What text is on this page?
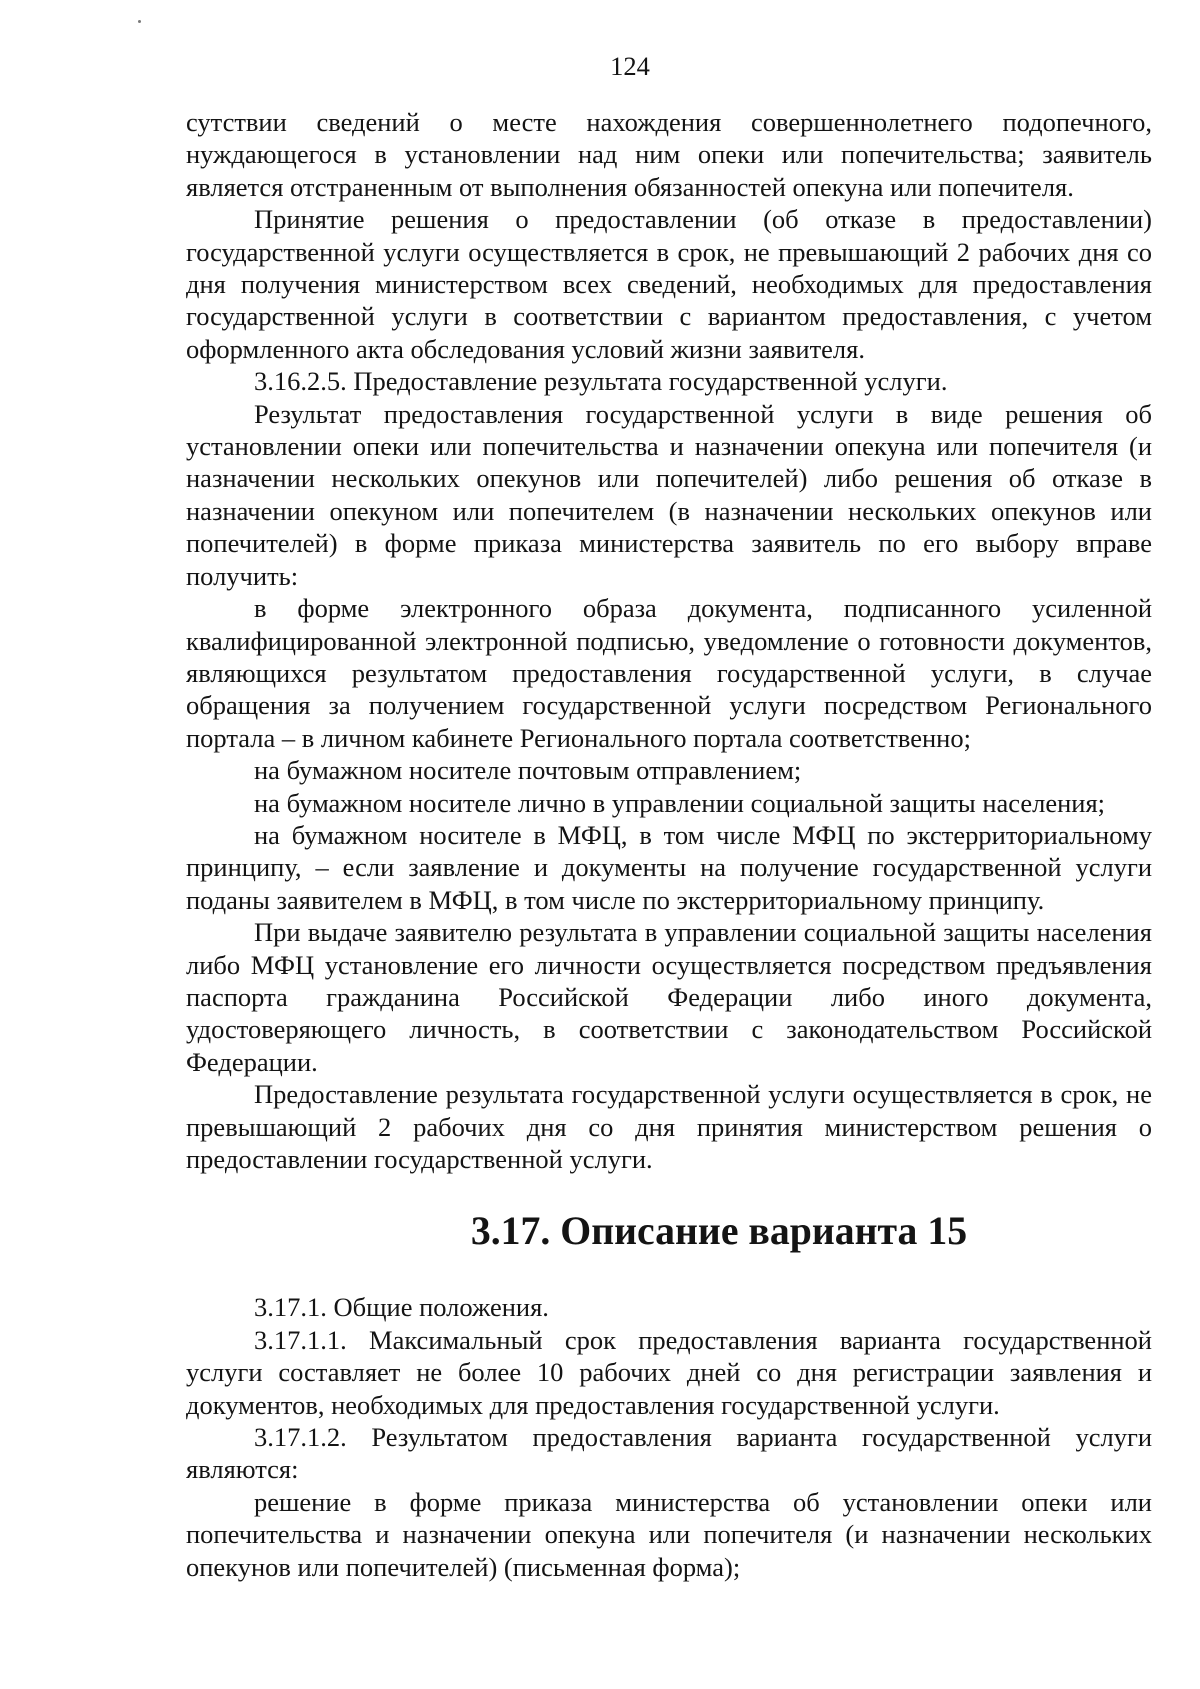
124

сутствии сведений о месте нахождения совершеннолетнего подопечного, нуждающегося в установлении над ним опеки или попечительства; заявитель является отстраненным от выполнения обязанностей опекуна или попечителя.

Принятие решения о предоставлении (об отказе в предоставлении) государственной услуги осуществляется в срок, не превышающий 2 рабочих дня со дня получения министерством всех сведений, необходимых для предоставления государственной услуги в соответствии с вариантом предоставления, с учетом оформленного акта обследования условий жизни заявителя.

3.16.2.5. Предоставление результата государственной услуги.

Результат предоставления государственной услуги в виде решения об установлении опеки или попечительства и назначении опекуна или попечителя (и назначении нескольких опекунов или попечителей) либо решения об отказе в назначении опекуном или попечителем (в назначении нескольких опекунов или попечителей) в форме приказа министерства заявитель по его выбору вправе получить:

в форме электронного образа документа, подписанного усиленной квалифицированной электронной подписью, уведомление о готовности документов, являющихся результатом предоставления государственной услуги, в случае обращения за получением государственной услуги посредством Регионального портала – в личном кабинете Регионального портала соответственно;

на бумажном носителе почтовым отправлением;

на бумажном носителе лично в управлении социальной защиты населения;

на бумажном носителе в МФЦ, в том числе МФЦ по экстерриториальному принципу, – если заявление и документы на получение государственной услуги поданы заявителем в МФЦ, в том числе по экстерриториальному принципу.

При выдаче заявителю результата в управлении социальной защиты населения либо МФЦ установление его личности осуществляется посредством предъявления паспорта гражданина Российской Федерации либо иного документа, удостоверяющего личность, в соответствии с законодательством Российской Федерации.

Предоставление результата государственной услуги осуществляется в срок, не превышающий 2 рабочих дня со дня принятия министерством решения о предоставлении государственной услуги.

3.17. Описание варианта 15

3.17.1. Общие положения.

3.17.1.1. Максимальный срок предоставления варианта государственной услуги составляет не более 10 рабочих дней со дня регистрации заявления и документов, необходимых для предоставления государственной услуги.

3.17.1.2. Результатом предоставления варианта государственной услуги являются:

решение в форме приказа министерства об установлении опеки или попечительства и назначении опекуна или попечителя (и назначении нескольких опекунов или попечителей) (письменная форма);
